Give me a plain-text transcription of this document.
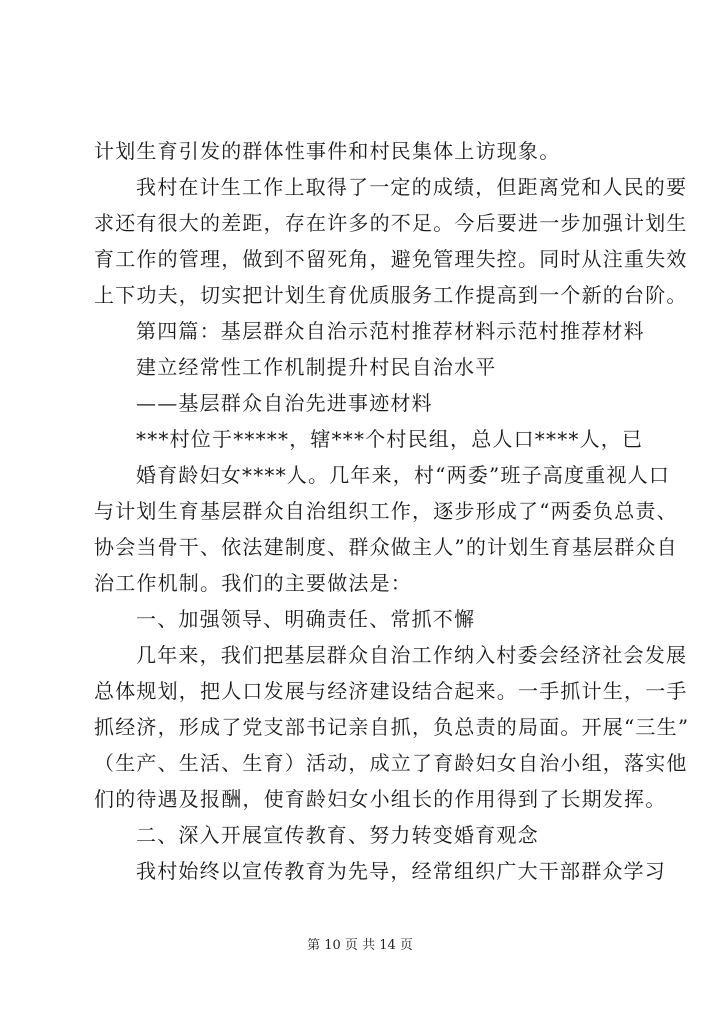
计划生育引发的群体性事件和村民集体上访现象。
我村在计生工作上取得了一定的成绩，但距离党和人民的要
求还有很大的差距，存在许多的不足。今后要进一步加强计划生
育工作的管理，做到不留死角，避免管理失控。同时从注重失效
上下功夫，切实把计划生育优质服务工作提高到一个新的台阶。
第四篇：基层群众自治示范村推荐材料示范村推荐材料
建立经常性工作机制提升村民自治水平
——基层群众自治先进事迹材料
***村位于*****，辖***个村民组，总人口****人，已
婚育龄妇女****人。几年来，村“两委”班子高度重视人口
与计划生育基层群众自治组织工作，逐步形成了“两委负总责、
协会当骨干、依法建制度、群众做主人”的计划生育基层群众自
治工作机制。我们的主要做法是：
一、加强领导、明确责任、常抓不懈
几年来，我们把基层群众自治工作纳入村委会经济社会发展
总体规划，把人口发展与经济建设结合起来。一手抓计生，一手
抓经济，形成了党支部书记亲自抓，负总责的局面。开展“三生”
（生产、生活、生育）活动，成立了育龄妇女自治小组，落实他
们的待遇及报酬，使育龄妇女小组长的作用得到了长期发挥。
二、深入开展宣传教育、努力转变婚育观念
我村始终以宣传教育为先导，经常组织广大干部群众学习
第 10 页 共 14 页
